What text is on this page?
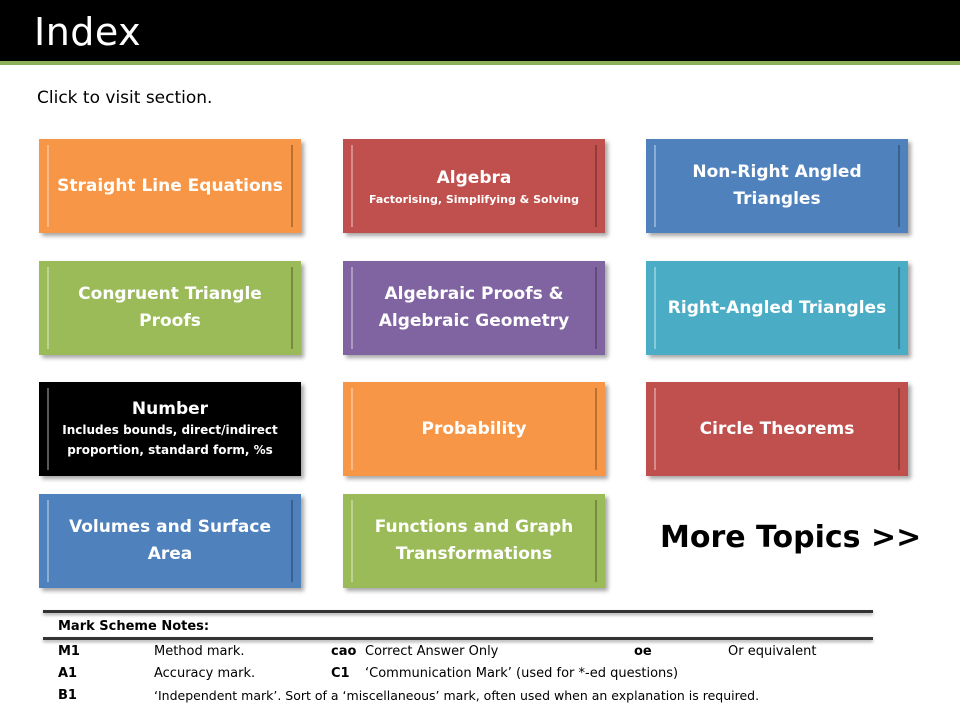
Index
Click to visit section.
Straight Line Equations	Algebra
Factorising, Simplifying & Solving
Non-Right Angled Triangles
Congruent Triangle Proofs
Algebraic Proofs & Algebraic Geometry
Right-Angled Triangles
Number
Includes bounds, direct/indirect proportion, standard form, %s
Probability	Circle Theorems
Volumes and Surface Area
Functions and Graph Transformations	More Topics >>
Mark Scheme Notes:
M1	Method mark.	cao Correct Answer Only	oe	Or equivalent
A1	Accuracy mark.	C1 ‘Communication Mark’ (used for *-ed questions)
B1	‘Independent mark’. Sort of a ‘miscellaneous’ mark, often used when an explanation is required.
